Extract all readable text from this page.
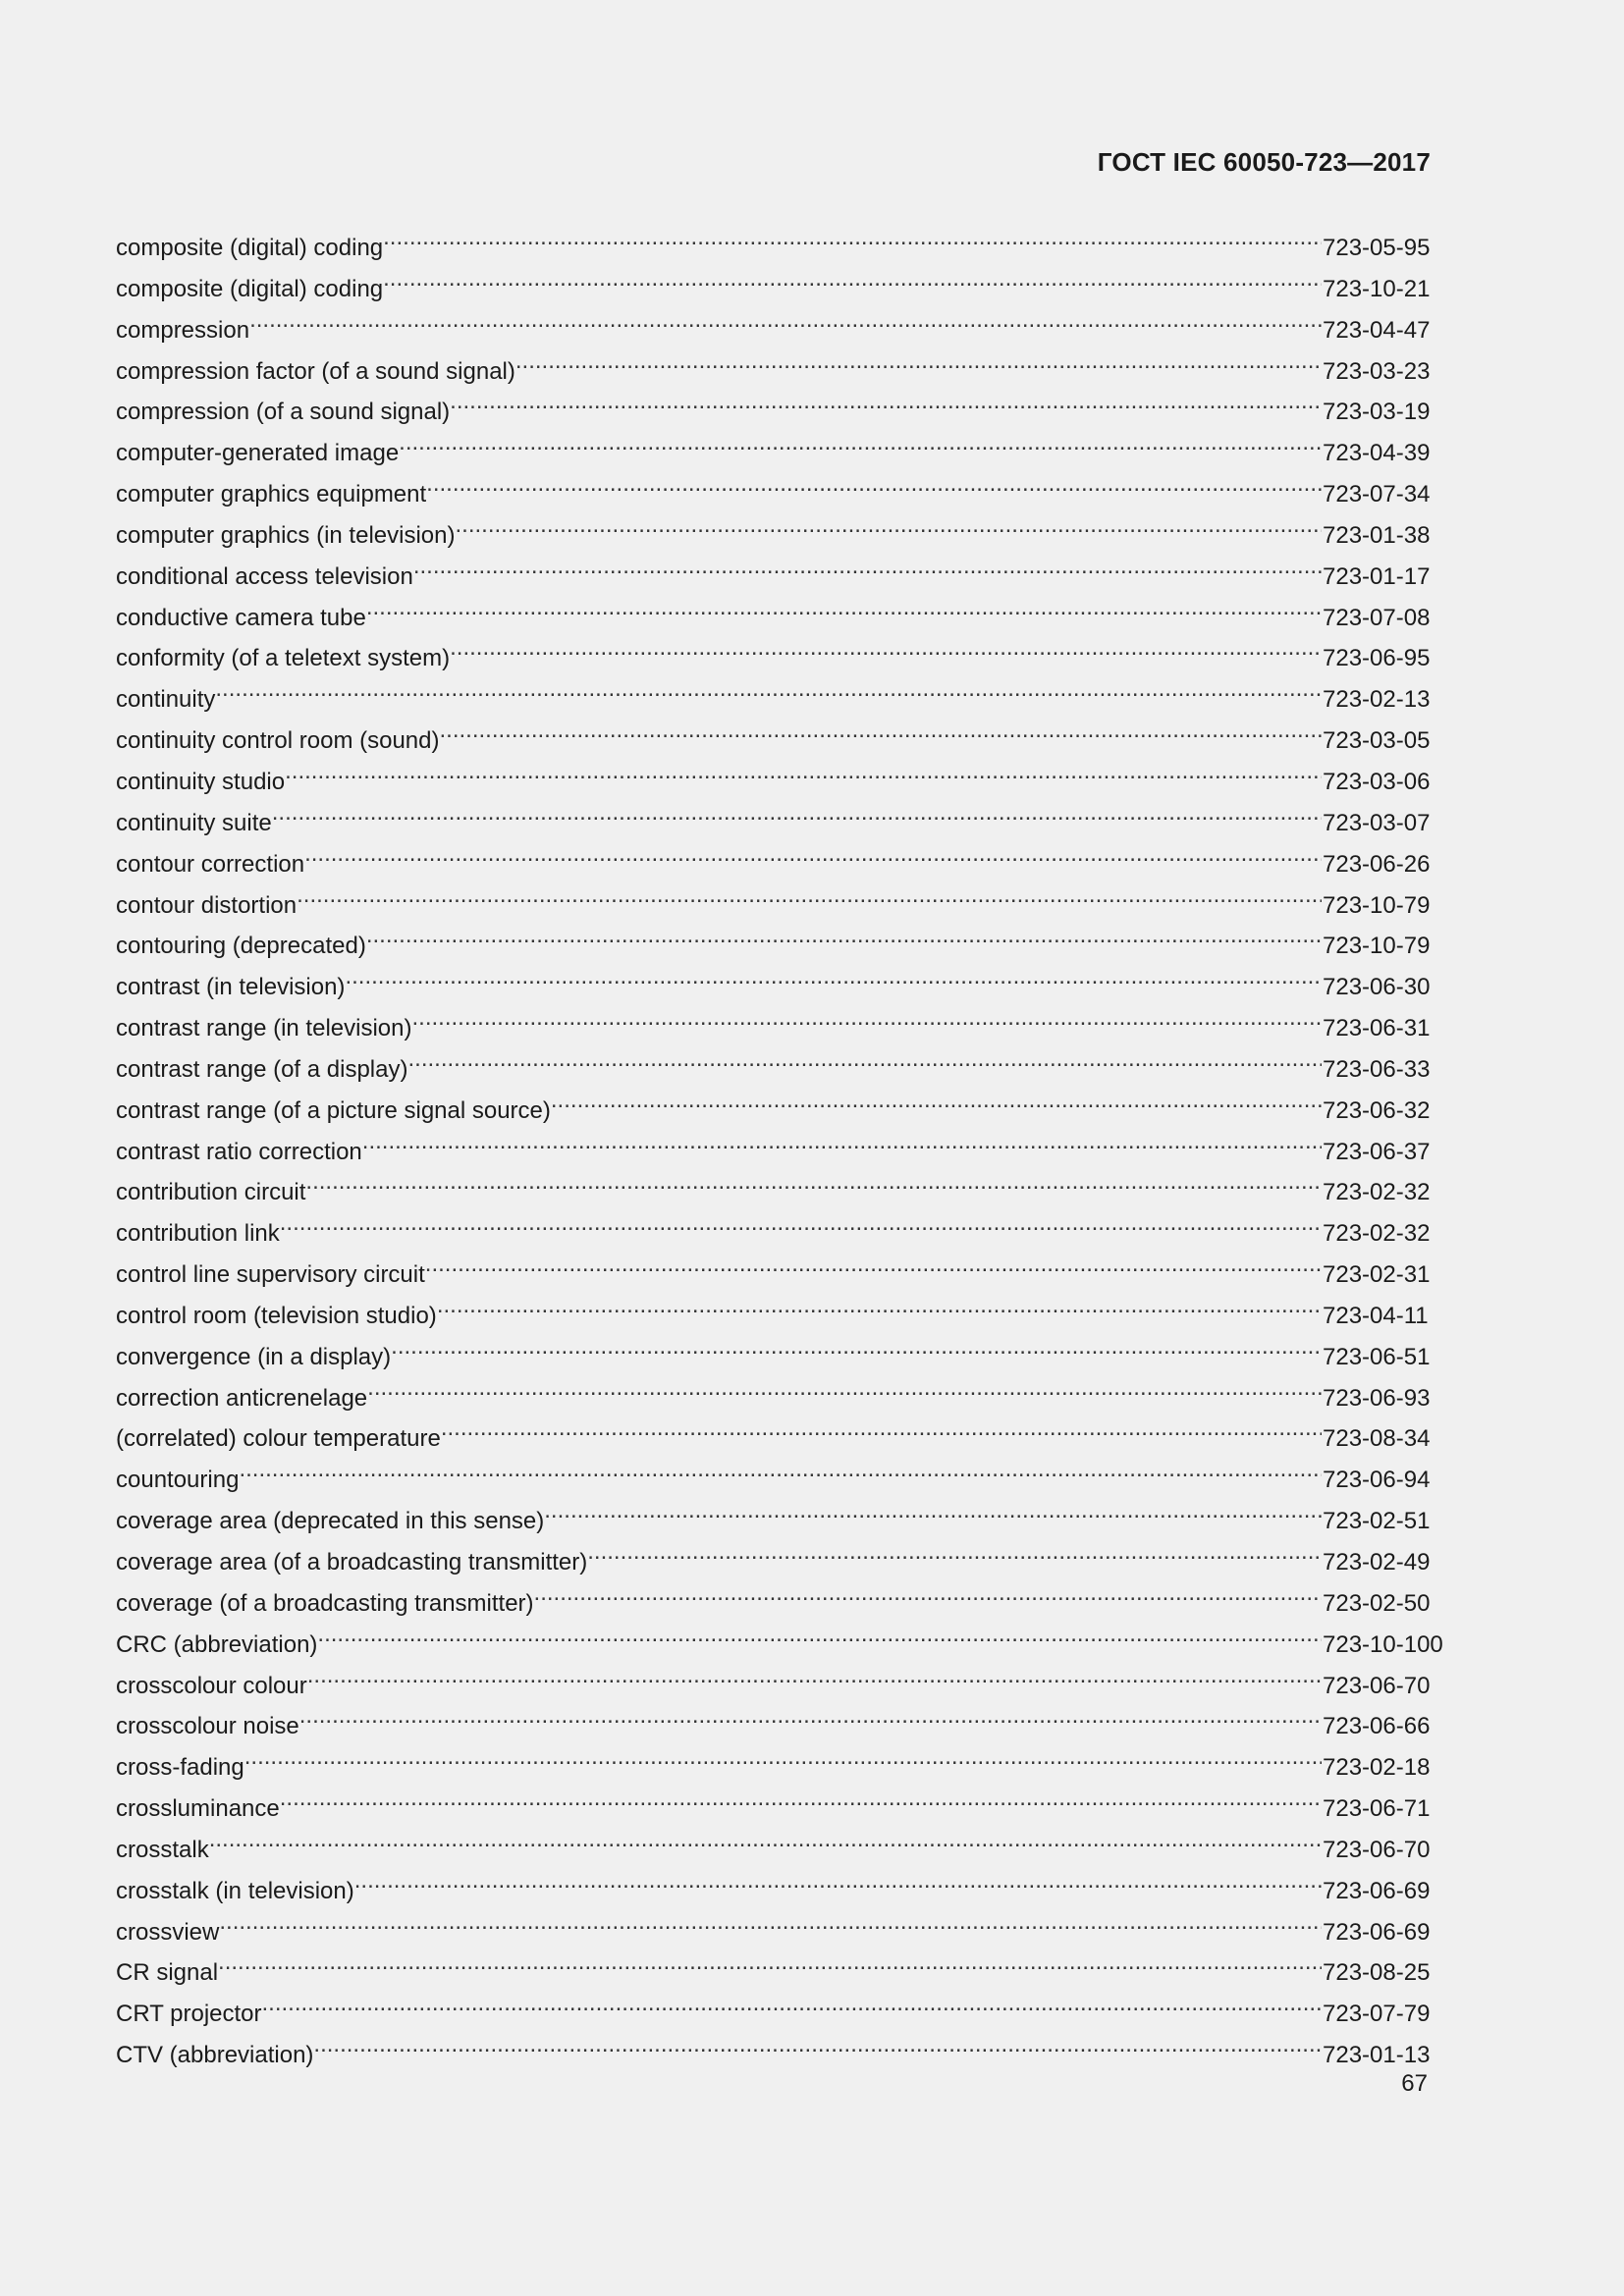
ГОСТ IEC 60050-723—2017
composite (digital) coding .....	723-05-95
composite (digital) coding .....	723-10-21
compression .....	723-04-47
compression factor (of a sound signal) .....	723-03-23
compression (of a sound signal) .....	723-03-19
computer-generated image .....	723-04-39
computer graphics equipment .....	723-07-34
computer graphics (in television) .....	723-01-38
conditional access television .....	723-01-17
conductive camera tube .....	723-07-08
conformity (of a teletext system) .....	723-06-95
continuity .....	723-02-13
continuity control room (sound) .....	723-03-05
continuity studio .....	723-03-06
continuity suite .....	723-03-07
contour correction .....	723-06-26
contour distortion .....	723-10-79
contouring (deprecated) .....	723-10-79
contrast (in television) .....	723-06-30
contrast range (in television) .....	723-06-31
contrast range (of a display) .....	723-06-33
contrast range (of a picture signal source) .....	723-06-32
contrast ratio correction .....	723-06-37
contribution circuit .....	723-02-32
contribution link .....	723-02-32
control line supervisory circuit .....	723-02-31
control room (television studio) .....	723-04-11
convergence (in a display) .....	723-06-51
correction anticrenelage .....	723-06-93
(correlated) colour temperature .....	723-08-34
countouring .....	723-06-94
coverage area (deprecated in this sense) .....	723-02-51
coverage area (of a broadcasting transmitter) .....	723-02-49
coverage (of a broadcasting transmitter) .....	723-02-50
CRC (abbreviation) .....	723-10-100
crosscolour colour .....	723-06-70
crosscolour noise .....	723-06-66
cross-fading .....	723-02-18
crossluminance .....	723-06-71
crosstalk .....	723-06-70
crosstalk (in television) .....	723-06-69
crossview .....	723-06-69
CR signal .....	723-08-25
CRT projector .....	723-07-79
CTV (abbreviation) .....	723-01-13
67
